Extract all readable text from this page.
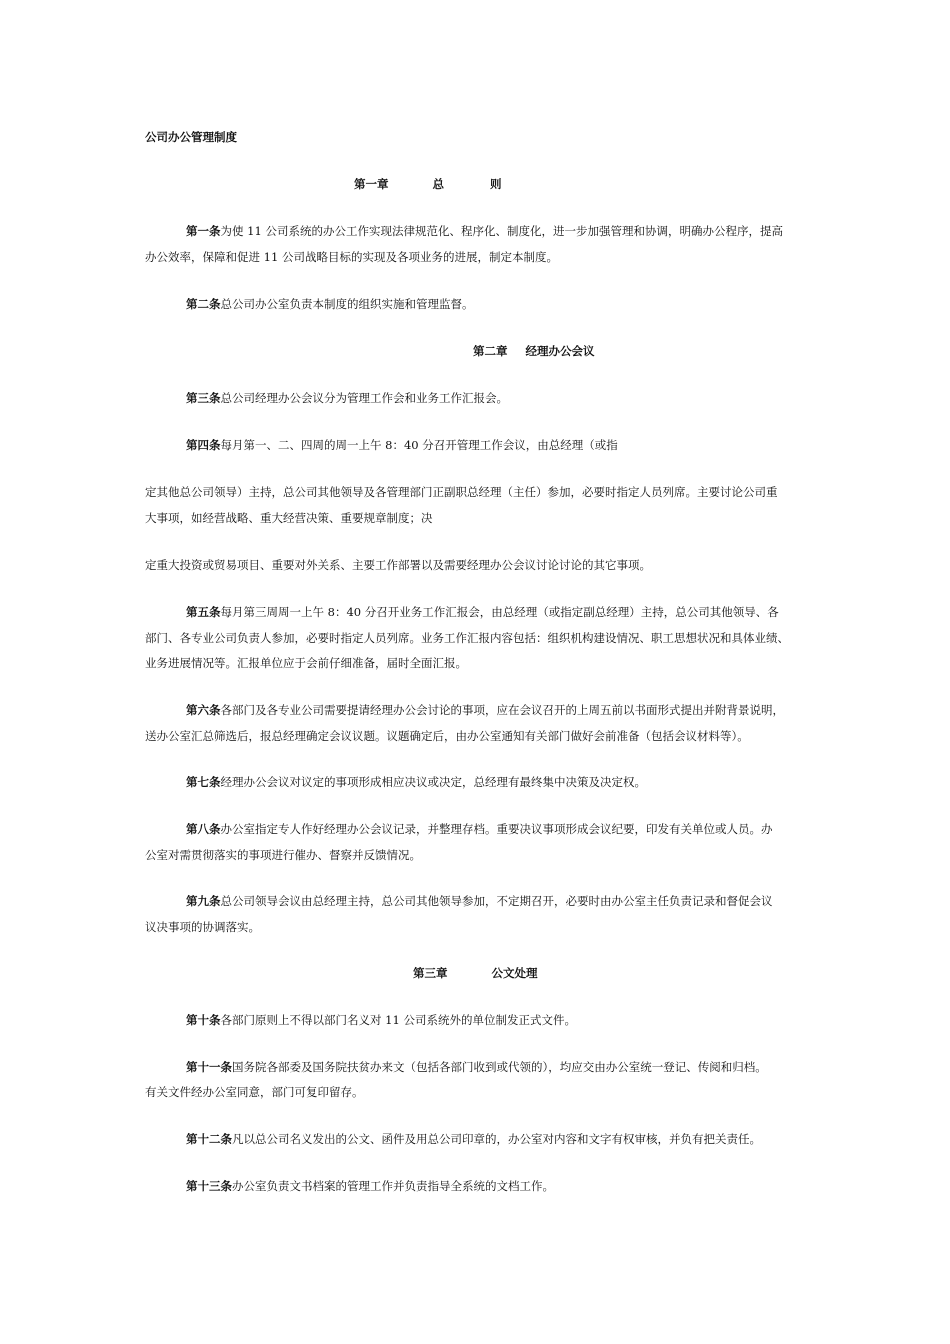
公司办公管理制度
第一章	总	则
第一条为使 11 公司系统的办公工作实现法律规范化、程序化、制度化，进一步加强管理和协调，明确办公程序，提高
办公效率，保障和促进 11 公司战略目标的实现及各项业务的进展，制定本制度。
第二条总公司办公室负责本制度的组织实施和管理监督。
第二章 经理办公会议
第三条总公司经理办公会议分为管理工作会和业务工作汇报会。
第四条每月第一、二、四周的周一上午 8：40 分召开管理工作会议，由总经理（或指
定其他总公司领导）主持，总公司其他领导及各管理部门正副职总经理（主任）参加，必要时指定人员列席。主要讨论公司重
大事项，如经营战略、重大经营决策、重要规章制度；决
定重大投资或贸易项目、重要对外关系、主要工作部署以及需要经理办公会议讨论讨论的其它事项。
第五条每月第三周周一上午 8：40 分召开业务工作汇报会，由总经理（或指定副总经理）主持，总公司其他领导、各
部门、各专业公司负责人参加，必要时指定人员列席。业务工作汇报内容包括：组织机构建设情况、职工思想状况和具体业绩、
业务进展情况等。汇报单位应于会前仔细准备，届时全面汇报。
第六条各部门及各专业公司需要提请经理办公会讨论的事项，应在会议召开的上周五前以书面形式提出并附背景说明，
送办公室汇总筛选后，报总经理确定会议议题。议题确定后，由办公室通知有关部门做好会前准备（包括会议材料等）。
第七条经理办公会议对议定的事项形成相应决议或决定，总经理有最终集中决策及决定权。
第八条办公室指定专人作好经理办公会议记录，并整理存档。重要决议事项形成会议纪要，印发有关单位或人员。办
公室对需贯彻落实的事项进行催办、督察并反馈情况。
第九条总公司领导会议由总经理主持，总公司其他领导参加，不定期召开，必要时由办公室主任负责记录和督促会议
议决事项的协调落实。
第三章	公文处理
第十条各部门原则上不得以部门名义对 11 公司系统外的单位制发正式文件。
第十一条国务院各部委及国务院扶贫办来文（包括各部门收到或代领的），均应交由办公室统一登记、传阅和归档。
有关文件经办公室同意，部门可复印留存。
第十二条凡以总公司名义发出的公文、函件及用总公司印章的，办公室对内容和文字有权审核，并负有把关责任。
第十三条办公室负责文书档案的管理工作并负责指导全系统的文档工作。
